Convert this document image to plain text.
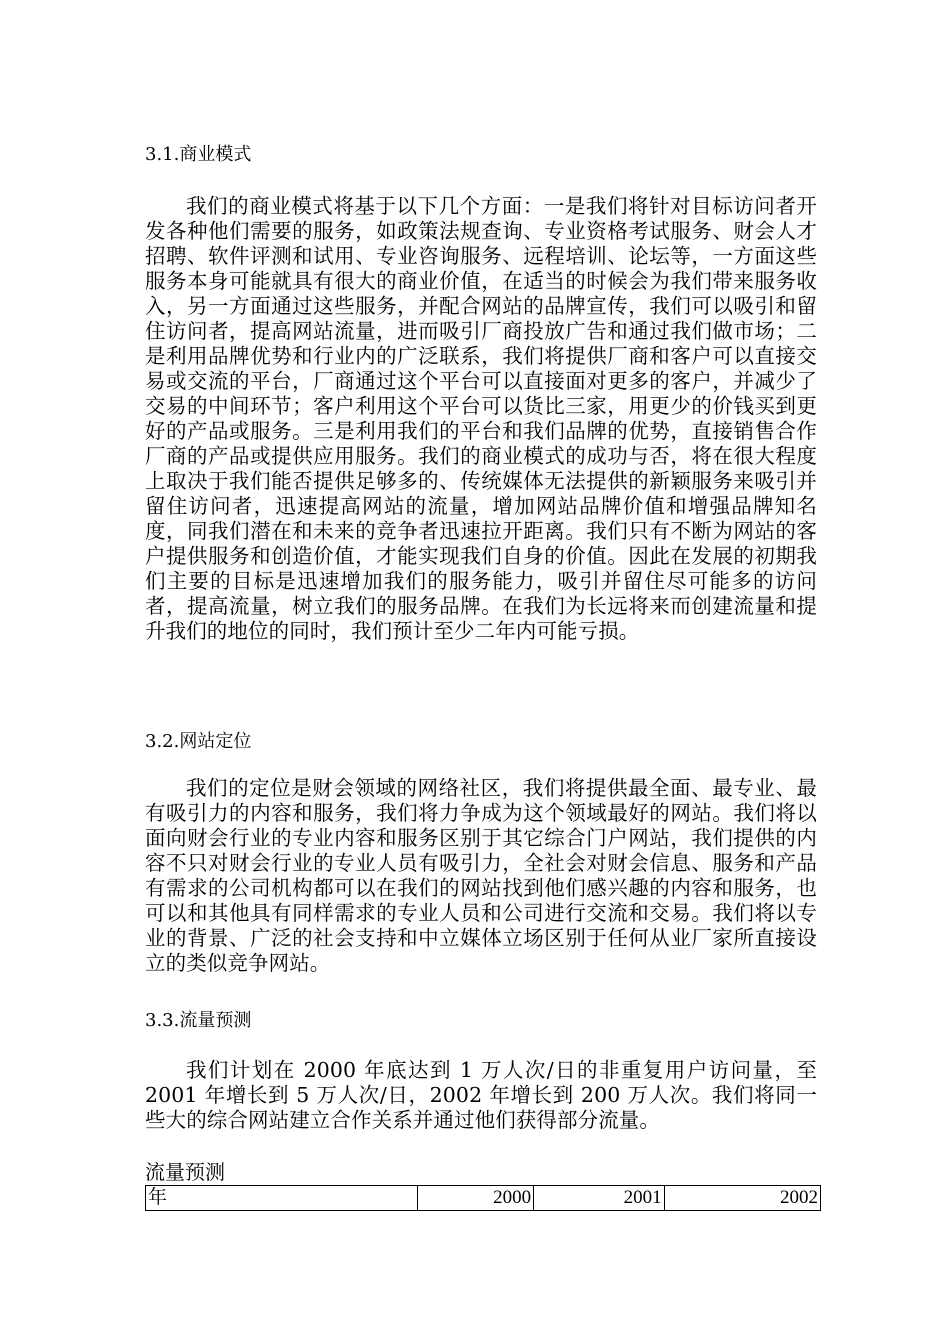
3.1.商业模式

我们的商业模式将基于以下几个方面：一是我们将针对目标访问者开发各种他们需要的服务，如政策法规查询、专业资格考试服务、财会人才招聘、软件评测和试用、专业咨询服务、远程培训、论坛等，一方面这些服务本身可能就具有很大的商业价值，在适当的时候会为我们带来服务收入，另一方面通过这些服务，并配合网站的品牌宣传，我们可以吸引和留住访问者，提高网站流量，进而吸引厂商投放广告和通过我们做市场；二是利用品牌优势和行业内的广泛联系，我们将提供厂商和客户可以直接交易或交流的平台，厂商通过这个平台可以直接面对更多的客户，并减少了交易的中间环节；客户利用这个平台可以货比三家，用更少的价钱买到更好的产品或服务。三是利用我们的平台和我们品牌的优势，直接销售合作厂商的产品或提供应用服务。我们的商业模式的成功与否，将在很大程度上取决于我们能否提供足够多的、传统媒体无法提供的新颖服务来吸引并留住访问者，迅速提高网站的流量，增加网站品牌价值和增强品牌知名度，同我们潜在和未来的竞争者迅速拉开距离。我们只有不断为网站的客户提供服务和创造价值，才能实现我们自身的价值。因此在发展的初期我们主要的目标是迅速增加我们的服务能力，吸引并留住尽可能多的访问者，提高流量，树立我们的服务品牌。在我们为长远将来而创建流量和提升我们的地位的同时，我们预计至少二年内可能亏损。

3.2.网站定位

我们的定位是财会领域的网络社区，我们将提供最全面、最专业、最有吸引力的内容和服务，我们将力争成为这个领域最好的网站。我们将以面向财会行业的专业内容和服务区别于其它综合门户网站，我们提供的内容不只对财会行业的专业人员有吸引力，全社会对财会信息、服务和产品有需求的公司机构都可以在我们的网站找到他们感兴趣的内容和服务，也可以和其他具有同样需求的专业人员和公司进行交流和交易。我们将以专业的背景、广泛的社会支持和中立媒体立场区别于任何从业厂家所直接设立的类似竞争网站。

3.3.流量预测

我们计划在 2000 年底达到 1 万人次/日的非重复用户访问量，至 2001 年增长到 5 万人次/日，2002 年增长到 200 万人次。我们将同一些大的综合网站建立合作关系并通过他们获得部分流量。

流量预测
年	2000	2001	2002
